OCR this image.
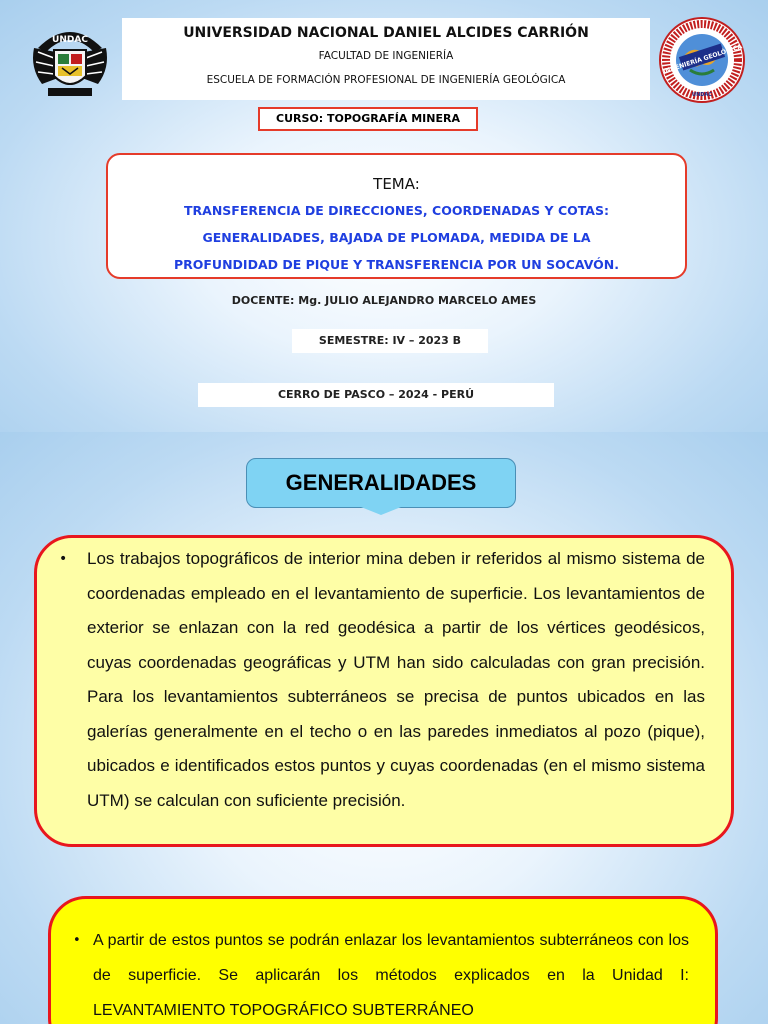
UNDAC	UNIVERSIDAD NACIONAL DANIEL ALCIDES CARRIÓN
FACULTAD DE INGENIERÍA
ESCUELA DE FORMACIÓN PROFESIONAL DE INGENIERÍA GEOLÓGICA
INGENIERÍA GEOLÓGICA
UNDAC
CURSO: TOPOGRAFÍA MINERA
TEMA:
TRANSFERENCIA DE DIRECCIONES, COORDENADAS Y COTAS:
GENERALIDADES, BAJADA DE PLOMADA, MEDIDA DE LA
PROFUNDIDAD DE PIQUE Y TRANSFERENCIA POR UN SOCAVÓN.
DOCENTE: Mg. JULIO ALEJANDRO MARCELO AMES
SEMESTRE: IV – 2023 B
CERRO DE PASCO – 2024 - PERÚ
GENERALIDADES
•	Los trabajos topográficos de interior mina deben ir referidos al mismo sistema de coordenadas empleado en el levantamiento de superficie. Los levantamientos de exterior se enlazan con la red geodésica a partir de los vértices geodésicos, cuyas coordenadas geográficas y UTM han sido calculadas con gran precisión. Para los levantamientos subterráneos se precisa de puntos ubicados en las galerías generalmente en el techo o en las paredes inmediatos al pozo (pique), ubicados e identificados estos puntos y cuyas coordenadas (en el mismo sistema UTM) se calculan con suficiente precisión.
• A partir de estos puntos se podrán enlazar los levantamientos subterráneos con los de superficie. Se aplicarán los métodos explicados en la Unidad I: LEVANTAMIENTO TOPOGRÁFICO SUBTERRÁNEO
